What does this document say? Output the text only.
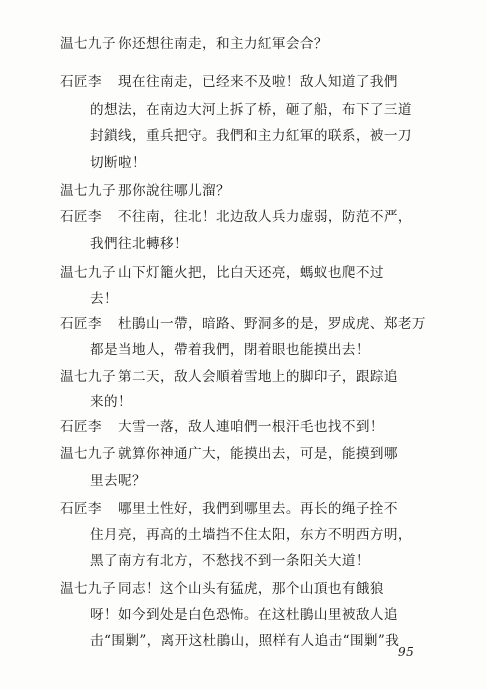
温七九子 你还想往南走，和主力紅軍会合？
石匠李 現在往南走，已经来不及啦！敌人知道了我們
的想法，在南边大河上拆了桥，砸了船，布下了三道
封鎖线，重兵把守。我們和主力紅軍的联系，被一刀
切断啦！
温七九子 那你說往哪儿溜？
石匠李 不往南，往北！北边敌人兵力虚弱，防范不严，
我們往北轉移！
温七九子 山下灯籠火把，比白天还亮，螞蚁也爬不过
去！
石匠李 杜鵑山一帶，暗路、野洞多的是，罗成虎、郑老万
都是当地人，帶着我們，閉着眼也能摸出去！
温七九子 第二天，敌人会順着雪地上的脚印子，跟踪追
来的！
石匠李 大雪一落，敌人連咱們一根汗毛也找不到！
温七九子 就算你神通广大，能摸出去，可是，能摸到哪
里去呢？
石匠李 哪里土性好，我們到哪里去。再长的绳子拴不
住月亮，再高的土墙挡不住太阳，东方不明西方明，
黑了南方有北方，不愁找不到一条阳关大道！
温七九子 同志！这个山头有猛虎，那个山頂也有餓狼
呀！如今到处是白色恐怖。在这杜鵑山里被敌人追
击“围剿”，离开这杜鵑山，照样有人追击“围剿”我
95
